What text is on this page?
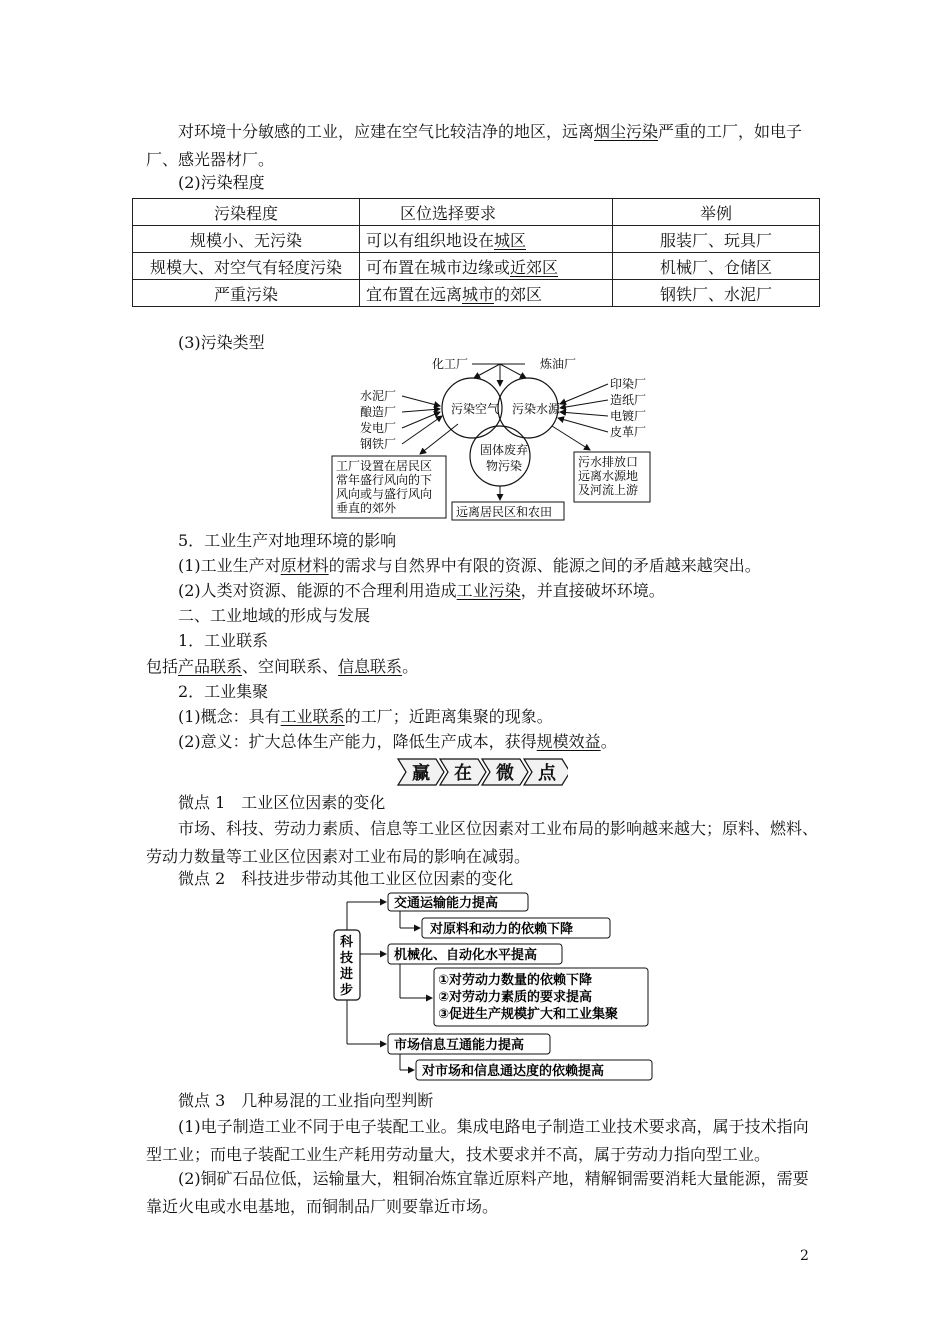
对环境十分敏感的工业，应建在空气比较洁净的地区，远离烟尘污染严重的工厂，如电子厂、感光器材厂。

(2)污染程度

污染程度	区位选择要求	举例
规模小、无污染	可以有组织地设在城区	服装厂、玩具厂
规模大、对空气有轻度污染	可布置在城市边缘或近郊区	机械厂、仓储区
严重污染	宜布置在远离城市的郊区	钢铁厂、水泥厂

(3)污染类型

污染空气 污染水源
固体废弃
物污染
化工厂	炼油厂
水泥厂
酿造厂
发电厂
钢铁厂
印染厂
造纸厂
电镀厂
皮革厂
工厂设置在居民区
常年盛行风向的下
风向或与盛行风向
垂直的郊外	远离居民区和农田
污水排放口
远离水源地
及河流上游

5．工业生产对地理环境的影响

(1)工业生产对原材料的需求与自然界中有限的资源、能源之间的矛盾越来越突出。

(2)人类对资源、能源的不合理利用造成工业污染，并直接破坏环境。

二、工业地域的形成与发展

1．工业联系

包括产品联系、空间联系、信息联系。

2．工业集聚

(1)概念：具有工业联系的工厂；近距离集聚的现象。

(2)意义：扩大总体生产能力，降低生产成本，获得规模效益。

赢 在 微 点

微点 1　工业区位因素的变化

市场、科技、劳动力素质、信息等工业区位因素对工业布局的影响越来越大；原料、燃料、劳动力数量等工业区位因素对工业布局的影响在减弱。

微点 2　科技进步带动其他工业区位因素的变化

科
技
进
步
交通运输能力提高
对原料和动力的依赖下降
机械化、自动化水平提高
①对劳动力数量的依赖下降
②对劳动力素质的要求提高
③促进生产规模扩大和工业集聚
市场信息互通能力提高
对市场和信息通达度的依赖提高

微点 3　几种易混的工业指向型判断

(1)电子制造工业不同于电子装配工业。集成电路电子制造工业技术要求高，属于技术指向型工业；而电子装配工业生产耗用劳动量大，技术要求并不高，属于劳动力指向型工业。

(2)铜矿石品位低，运输量大，粗铜冶炼宜靠近原料产地，精解铜需要消耗大量能源，需要靠近火电或水电基地，而铜制品厂则要靠近市场。

2
